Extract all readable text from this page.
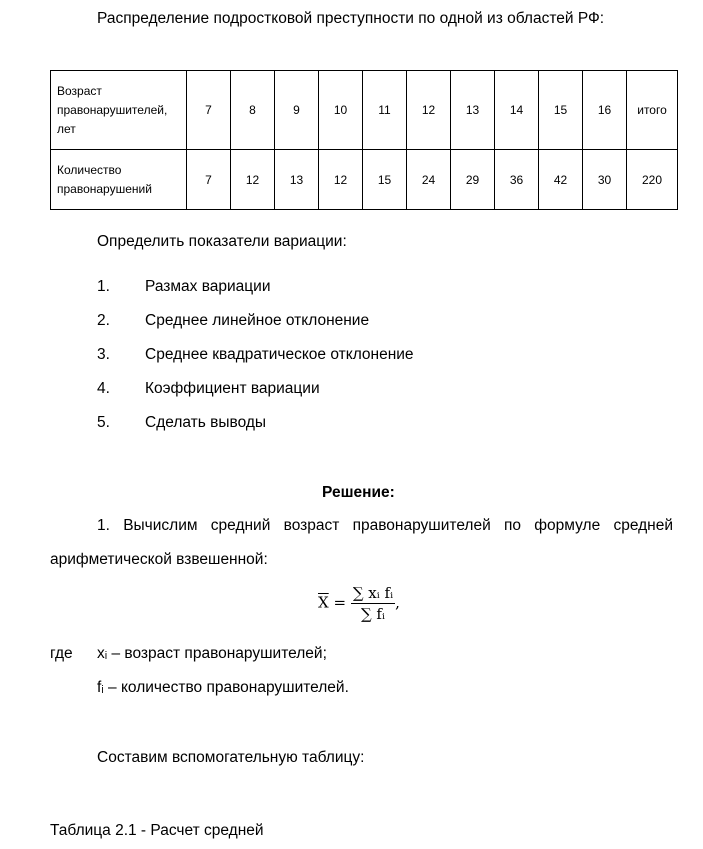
Распределение подростковой преступности по одной из областей РФ:
Возраст правонарушителей, лет	7	8	9	10	11	12	13	14	15	16	итого
Количество правонарушений	7	12	13	12	15	24	29	36	42	30	220
Определить показатели вариации:
1. Размах вариации
2. Среднее линейное отклонение
3. Среднее квадратическое отклонение
4. Коэффициент вариации
5. Сделать выводы
Решение:
1. Вычислим средний возраст правонарушителей по формуле средней
арифметической взвешенной:
$\overline{X} = \frac{\text{∑ xᵢ fᵢ}}{\text{∑ fᵢ}}$ ,
где xᵢ – возраст правонарушителей;
fᵢ – количество правонарушителей.
Составим вспомогательную таблицу:
Таблица 2.1 - Расчет средней
